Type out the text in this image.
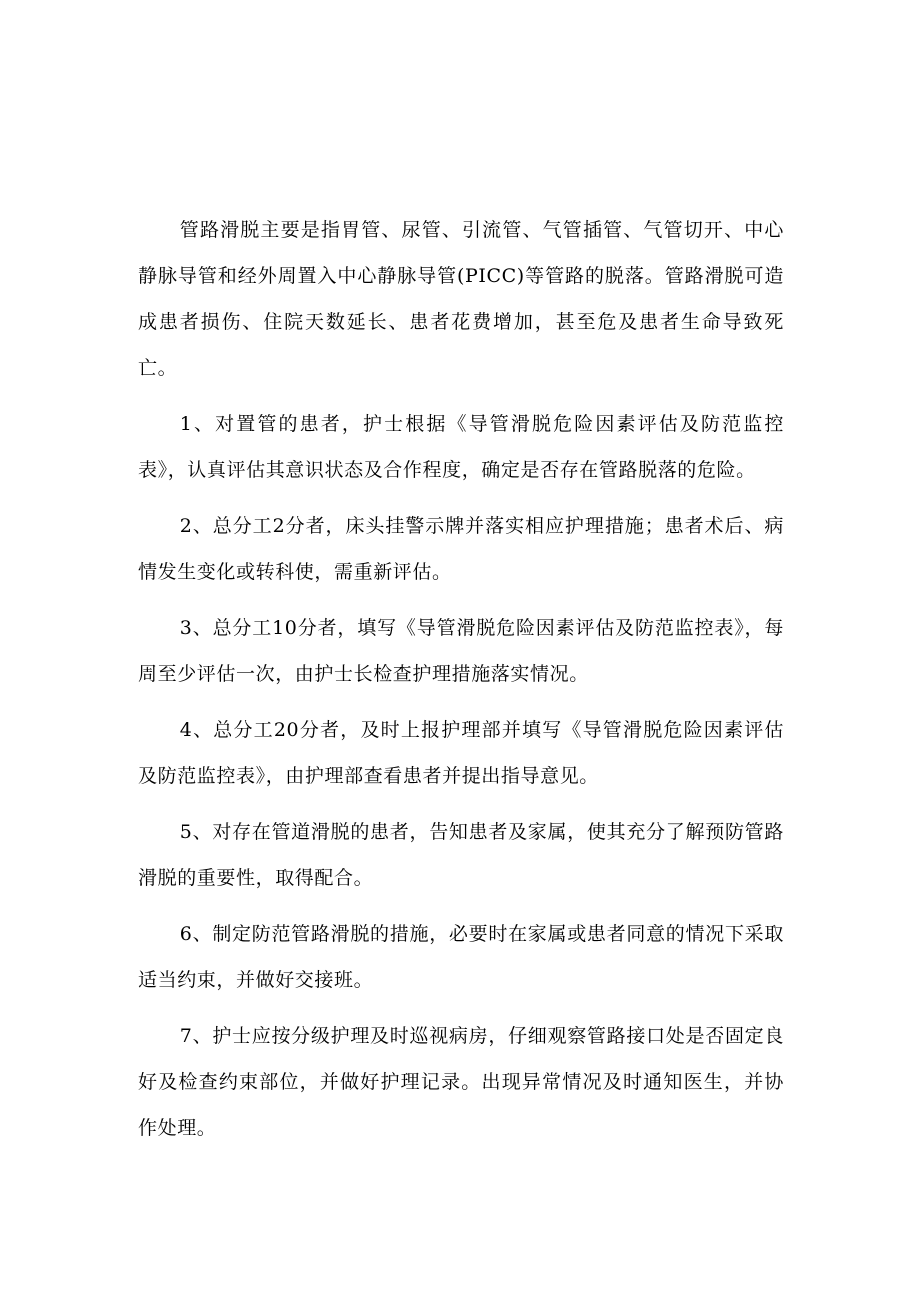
管路滑脱主要是指胃管、尿管、引流管、气管插管、气管切开、中心静脉导管和经外周置入中心静脉导管(PICC)等管路的脱落。管路滑脱可造成患者损伤、住院天数延长、患者花费增加，甚至危及患者生命导致死亡。

1、对置管的患者，护士根据《导管滑脱危险因素评估及防范监控表》，认真评估其意识状态及合作程度，确定是否存在管路脱落的危险。

2、总分工2分者，床头挂警示牌并落实相应护理措施；患者术后、病情发生变化或转科使，需重新评估。

3、总分工10分者，填写《导管滑脱危险因素评估及防范监控表》，每周至少评估一次，由护士长检查护理措施落实情况。

4、总分工20分者，及时上报护理部并填写《导管滑脱危险因素评估及防范监控表》，由护理部查看患者并提出指导意见。

5、对存在管道滑脱的患者，告知患者及家属，使其充分了解预防管路滑脱的重要性，取得配合。

6、制定防范管路滑脱的措施，必要时在家属或患者同意的情况下采取适当约束，并做好交接班。

7、护士应按分级护理及时巡视病房，仔细观察管路接口处是否固定良好及检查约束部位，并做好护理记录。出现异常情况及时通知医生，并协作处理。
